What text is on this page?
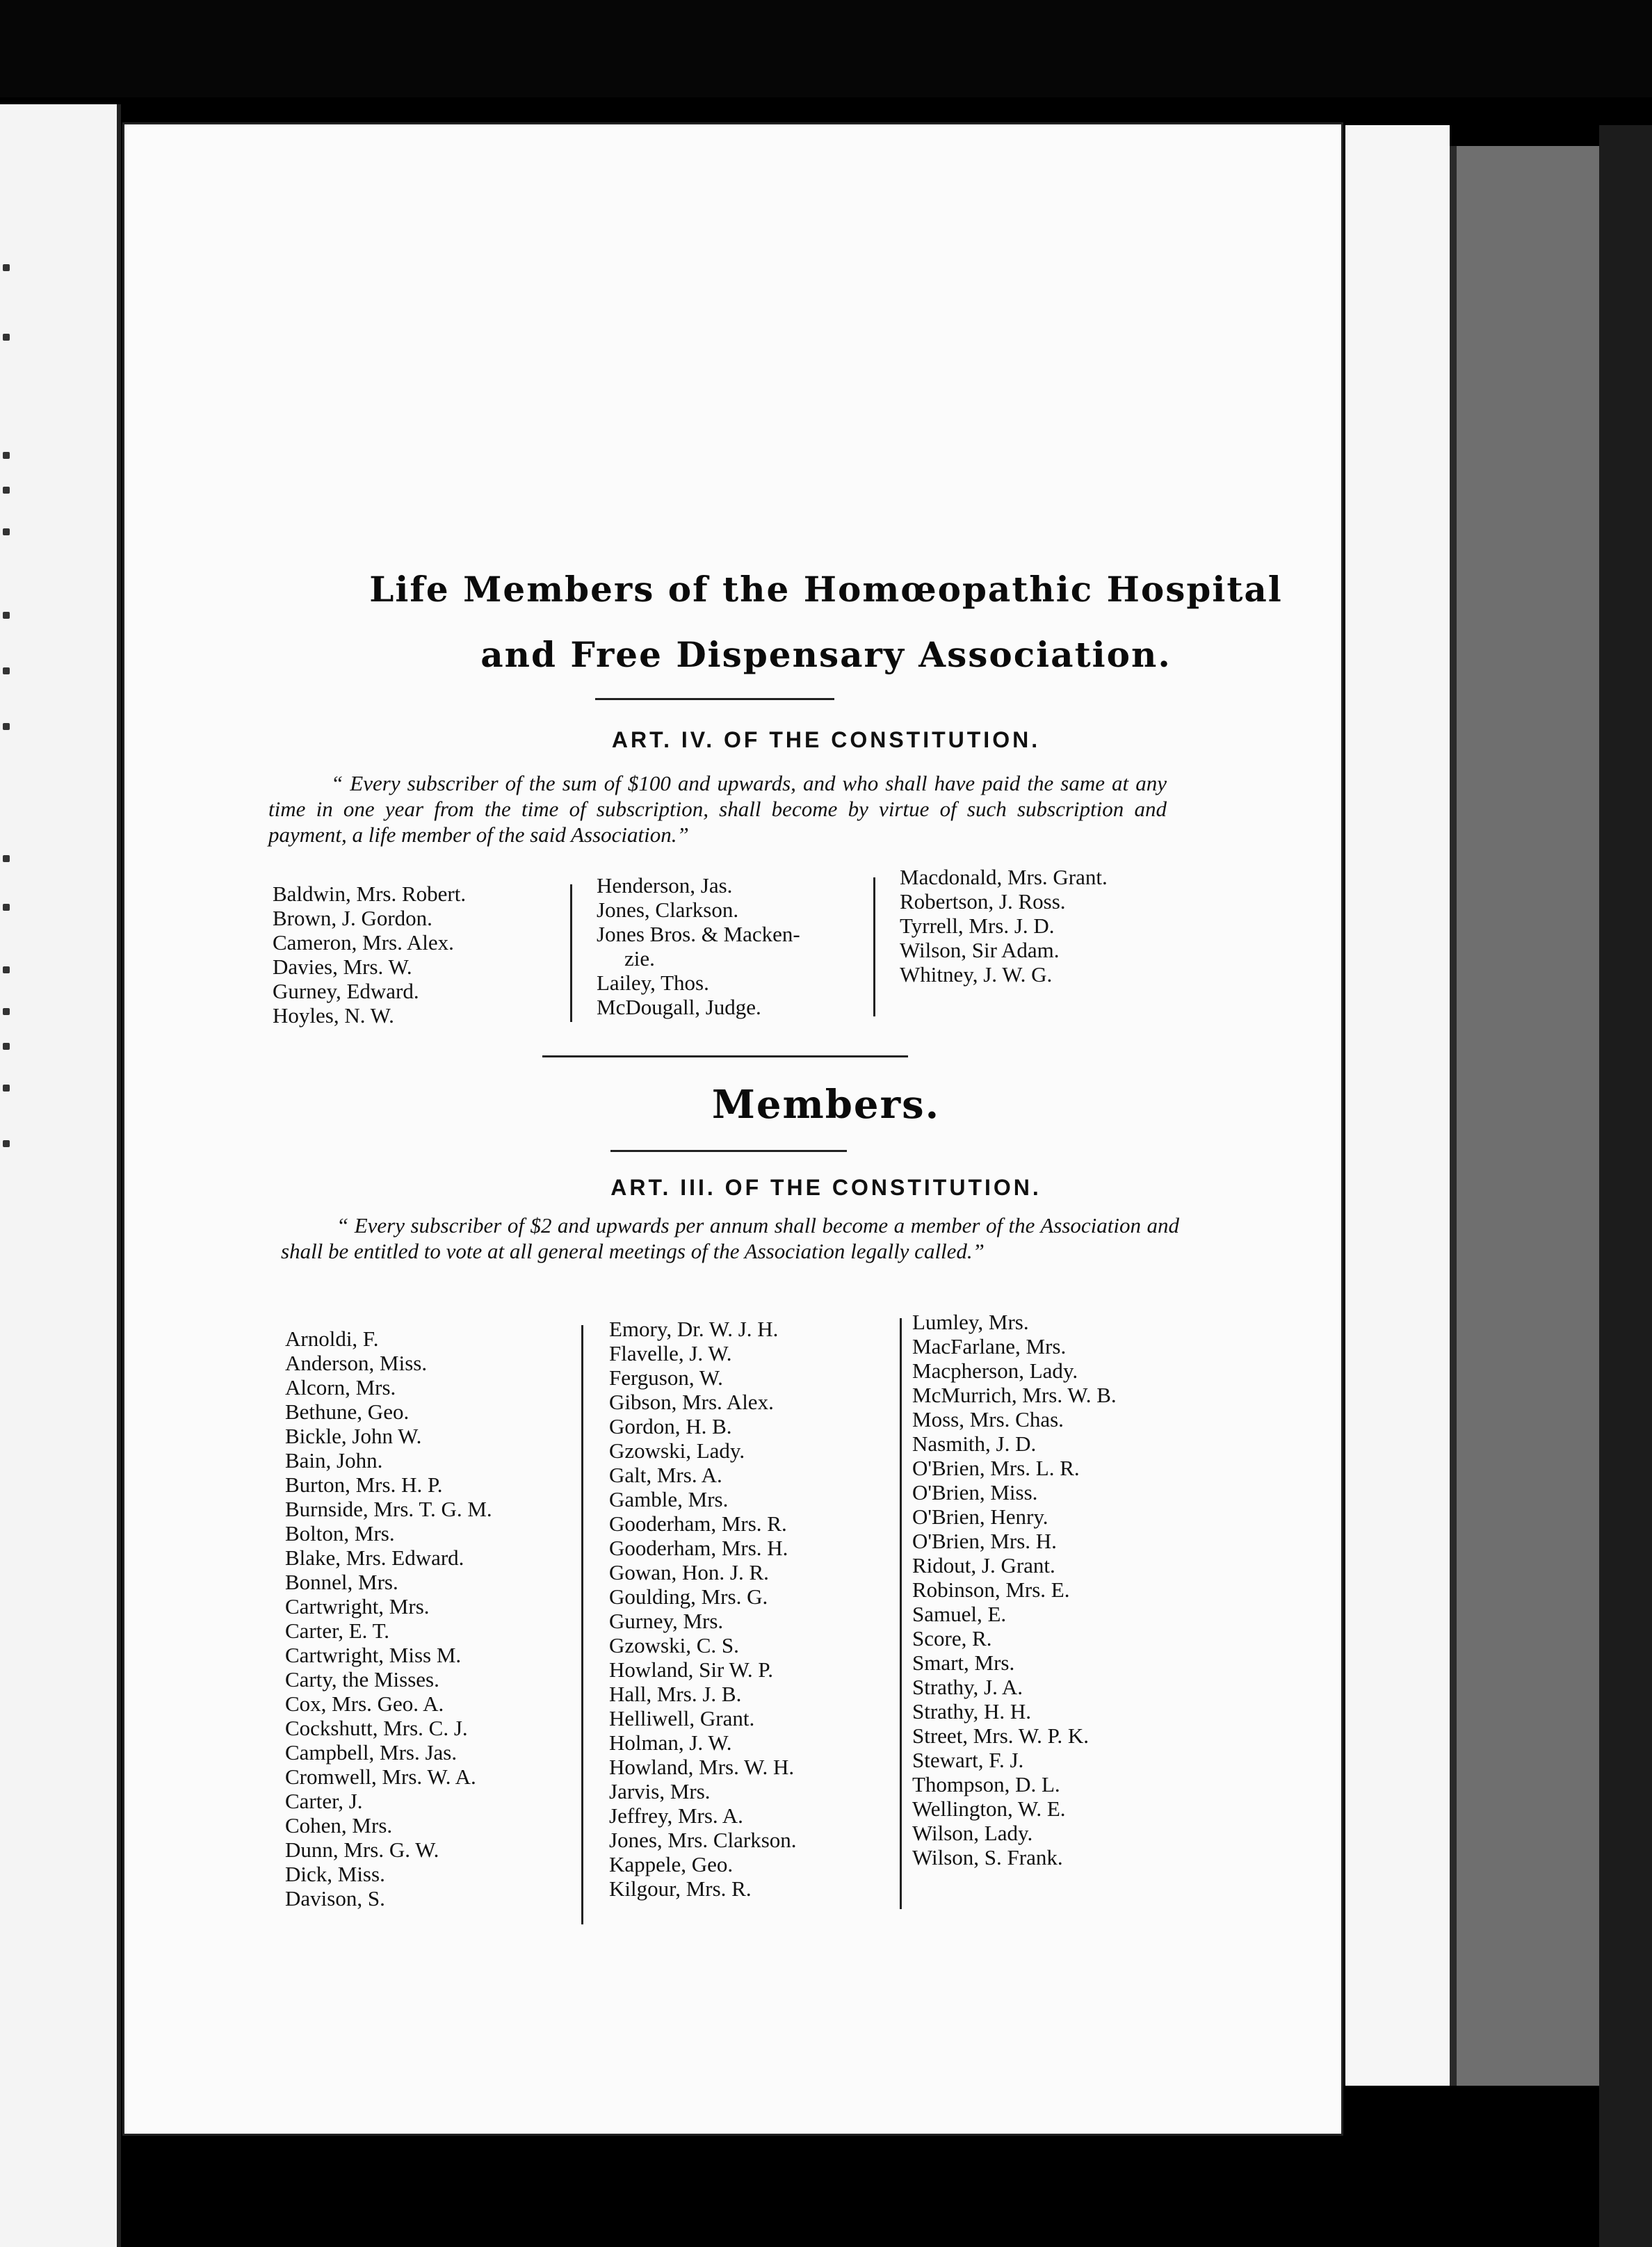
Life Members of the Homœopathic Hospital
and Free Dispensary Association.
ART. IV. OF THE CONSTITUTION.

“ Every subscriber of the sum of $100 and upwards, and who shall have paid the same at any time in one year from the time of subscription, shall become by virtue of such subscription and payment, a life member of the said Association.”

Baldwin, Mrs. Robert.
Brown, J. Gordon.
Cameron, Mrs. Alex.
Davies, Mrs. W.
Gurney, Edward.
Hoyles, N. W.
Henderson, Jas.
Jones, Clarkson.
Jones Bros. & Macken-
zie.
Lailey, Thos.
McDougall, Judge.
Macdonald, Mrs. Grant.
Robertson, J. Ross.
Tyrrell, Mrs. J. D.
Wilson, Sir Adam.
Whitney, J. W. G.
Members.
ART. III. OF THE CONSTITUTION.

“ Every subscriber of $2 and upwards per annum shall become a member of the Association and shall be entitled to vote at all general meetings of the Association legally called.”

Arnoldi, F.
Anderson, Miss.
Alcorn, Mrs.
Bethune, Geo.
Bickle, John W.
Bain, John.
Burton, Mrs. H. P.
Burnside, Mrs. T. G. M.
Bolton, Mrs.
Blake, Mrs. Edward.
Bonnel, Mrs.
Cartwright, Mrs.
Carter, E. T.
Cartwright, Miss M.
Carty, the Misses.
Cox, Mrs. Geo. A.
Cockshutt, Mrs. C. J.
Campbell, Mrs. Jas.
Cromwell, Mrs. W. A.
Carter, J.
Cohen, Mrs.
Dunn, Mrs. G. W.
Dick, Miss.
Davison, S.
Emory, Dr. W. J. H.
Flavelle, J. W.
Ferguson, W.
Gibson, Mrs. Alex.
Gordon, H. B.
Gzowski, Lady.
Galt, Mrs. A.
Gamble, Mrs.
Gooderham, Mrs. R.
Gooderham, Mrs. H.
Gowan, Hon. J. R.
Goulding, Mrs. G.
Gurney, Mrs.
Gzowski, C. S.
Howland, Sir W. P.
Hall, Mrs. J. B.
Helliwell, Grant.
Holman, J. W.
Howland, Mrs. W. H.
Jarvis, Mrs.
Jeffrey, Mrs. A.
Jones, Mrs. Clarkson.
Kappele, Geo.
Kilgour, Mrs. R.
Lumley, Mrs.
MacFarlane, Mrs.
Macpherson, Lady.
McMurrich, Mrs. W. B.
Moss, Mrs. Chas.
Nasmith, J. D.
O'Brien, Mrs. L. R.
O'Brien, Miss.
O'Brien, Henry.
O'Brien, Mrs. H.
Ridout, J. Grant.
Robinson, Mrs. E.
Samuel, E.
Score, R.
Smart, Mrs.
Strathy, J. A.
Strathy, H. H.
Street, Mrs. W. P. K.
Stewart, F. J.
Thompson, D. L.
Wellington, W. E.
Wilson, Lady.
Wilson, S. Frank.
